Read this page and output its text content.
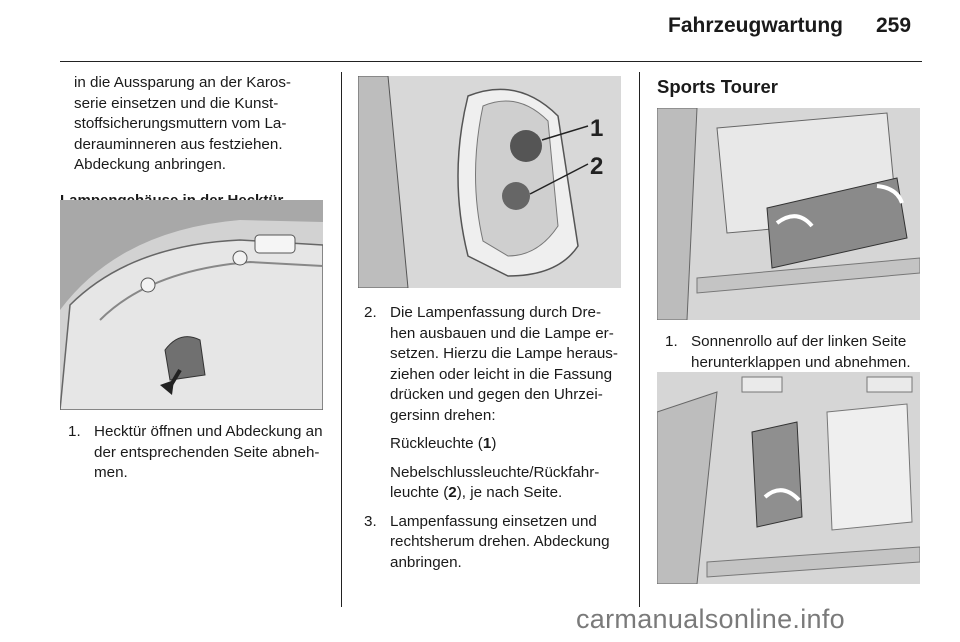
Fahrzeugwartung 259
in die Aussparung an der Karos-
serie einsetzen und die Kunst-
stoffsicherungsmuttern vom La-
derauminneren aus festziehen.
Abdeckung anbringen.
1. Hecktür öffnen und Abdeckung an
der entsprechenden Seite abneh-
men.
1
2
2. Die Lampenfassung durch Dre-
hen ausbauen und die Lampe er-
setzen. Hierzu die Lampe heraus-
ziehen oder leicht in die Fassung
drücken und gegen den Uhrzei-
gersinn drehen:
Rückleuchte (1)
Nebelschlussleuchte/Rückfahr-
leuchte (2), je nach Seite.
3. Lampenfassung einsetzen und
rechtsherum drehen. Abdeckung
anbringen.
Sports Tourer
1. Sonnenrollo auf der linken Seite
herunterklappen und abnehmen.
carmanualsonline.info
